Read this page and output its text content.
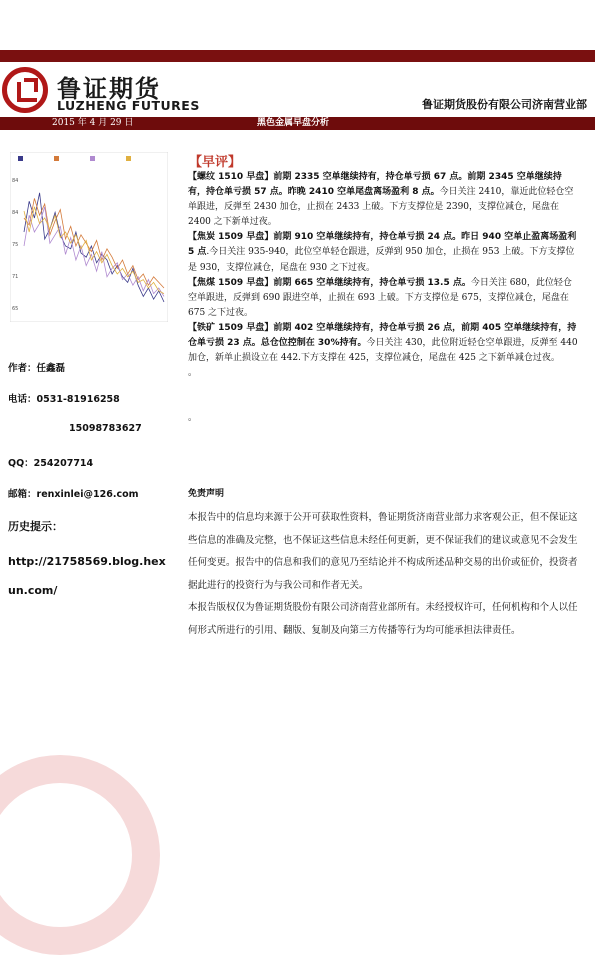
鲁证期货
LUZHENG FUTURES	鲁证期货股份有限公司济南营业部
2015 年 4 月 29 日	黑色金属早盘分析
84
84
75
71
65
【早评】

【螺纹 1510 早盘】前期 2335 空单继续持有，持仓单亏损 67 点。前期 2345 空单继续持有，持仓单亏损 57 点。昨晚 2410 空单尾盘离场盈利 8 点。今日关注 2410，靠近此位轻仓空单跟进，反弹至 2430 加仓，止损在 2433 上破。下方支撑位是 2390，支撑位减仓，尾盘在 2400 之下新单过夜。

【焦炭 1509 早盘】前期 910 空单继续持有，持仓单亏损 24 点。昨日 940 空单止盈离场盈利 5 点.今日关注 935-940，此位空单轻仓跟进，反弹到 950 加仓，止损在 953 上破。下方支撑位是 930，支撑位减仓，尾盘在 930 之下过夜。

【焦煤 1509 早盘】前期 665 空单继续持有，持仓单亏损 13.5 点。今日关注 680，此位轻仓空单跟进，反弹到 690 跟进空单，止损在 693 上破。下方支撑位是 675，支撑位减仓，尾盘在 675 之下过夜。

【铁矿 1509 早盘】前期 402 空单继续持有，持仓单亏损 26 点，前期 405 空单继续持有，持仓单亏损 23 点。总仓位控制在 30%持有。今日关注 430，此位附近轻仓空单跟进，反弹至 440 加仓，新单止损设立在 442.下方支撑在 425，支撑位减仓，尾盘在 425 之下新单减仓过夜。

。

作者：任鑫磊
电话：0531-81916258
15098783627
QQ：254207714
邮箱：renxinlei@126.com
历史提示：
http://21758569.blog.hexun.com/
。
免责声明

本报告中的信息均来源于公开可获取性资料，鲁证期货济南营业部力求客观公正，但不保证这些信息的准确及完整，也不保证这些信息未经任何更新，更不保证我们的建议或意见不会发生任何变更。报告中的信息和我们的意见乃至结论并不构成所述品种交易的出价或征价，投资者据此进行的投资行为与我公司和作者无关。

本报告版权仅为鲁证期货股份有限公司济南营业部所有。未经授权许可，任何机构和个人以任何形式所进行的引用、翻版、复制及向第三方传播等行为均可能承担法律责任。
